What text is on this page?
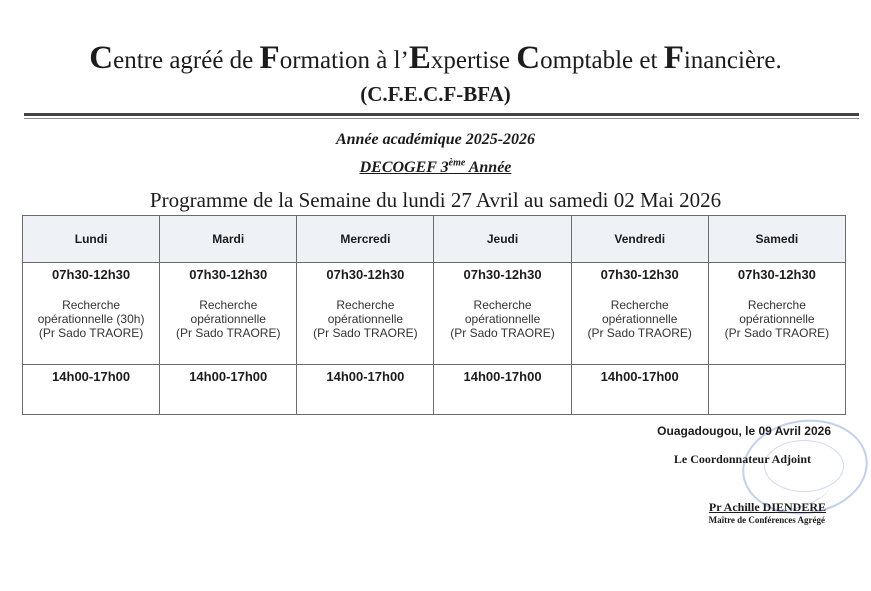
Centre agréé de Formation à l’Expertise Comptable et Financière.
(C.F.E.C.F-BFA)
Année académique 2025-2026
DECOGEF 3ème Année
Programme de la Semaine du lundi 27 Avril au samedi 02 Mai 2026
Lundi	Mardi	Mercredi	Jeudi	Vendredi	Samedi

07h30-12h30
Recherche
opérationnelle (30h)
(Pr Sado TRAORE)	07h30-12h30
Recherche
opérationnelle
(Pr Sado TRAORE)	07h30-12h30
Recherche
opérationnelle
(Pr Sado TRAORE)	07h30-12h30
Recherche
opérationnelle
(Pr Sado TRAORE)	07h30-12h30
Recherche
opérationnelle
(Pr Sado TRAORE)	07h30-12h30
Recherche
opérationnelle
(Pr Sado TRAORE)

14h00-17h00	14h00-17h00	14h00-17h00	14h00-17h00	14h00-17h00	

Ouagadougou, le 09 Avril 2026
Le Coordonnateur Adjoint
Pr Achille DIENDERE
Maître de Conférences Agrégé
